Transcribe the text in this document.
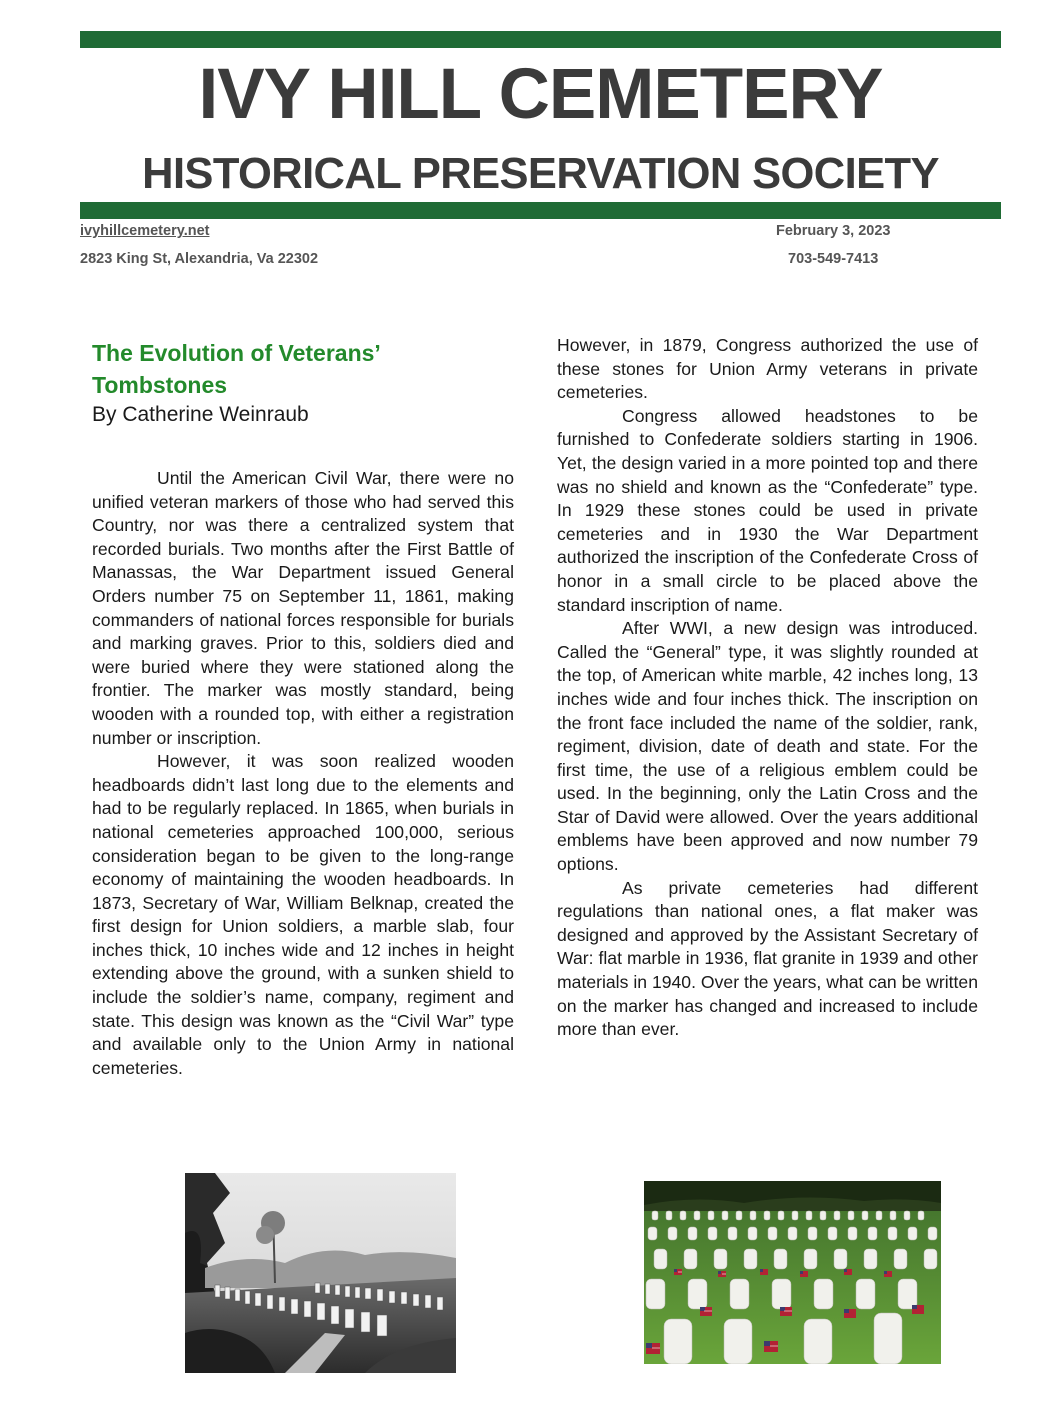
IVY HILL CEMETERY
HISTORICAL PRESERVATION SOCIETY
ivyhillcemetery.net
2823 King St, Alexandria, Va 22302
February 3, 2023
703-549-7413
The Evolution of Veterans’ Tombstones
By Catherine Weinraub

Until the American Civil War, there were no unified veteran markers of those who had served this Country, nor was there a centralized system that recorded burials. Two months after the First Battle of Manassas, the War Department issued General Orders number 75 on September 11, 1861, making commanders of national forces responsible for burials and marking graves. Prior to this, soldiers died and were buried where they were stationed along the frontier. The marker was mostly standard, being wooden with a rounded top, with either a registration number or inscription.

However, it was soon realized wooden headboards didn’t last long due to the elements and had to be regularly replaced. In 1865, when burials in national cemeteries approached 100,000, serious consideration began to be given to the long-range economy of maintaining the wooden headboards. In 1873, Secretary of War, William Belknap, created the first design for Union soldiers, a marble slab, four inches thick, 10 inches wide and 12 inches in height extending above the ground, with a sunken shield to include the soldier’s name, company, regiment and state. This design was known as the “Civil War” type and available only to the Union Army in national cemeteries.

However, in 1879, Congress authorized the use of these stones for Union Army veterans in private cemeteries.

Congress allowed headstones to be furnished to Confederate soldiers starting in 1906. Yet, the design varied in a more pointed top and there was no shield and known as the “Confederate” type. In 1929 these stones could be used in private cemeteries and in 1930 the War Department authorized the inscription of the Confederate Cross of honor in a small circle to be placed above the standard inscription of name.

After WWI, a new design was introduced. Called the “General” type, it was slightly rounded at the top, of American white marble, 42 inches long, 13 inches wide and four inches thick. The inscription on the front face included the name of the soldier, rank, regiment, division, date of death and state. For the first time, the use of a religious emblem could be used. In the beginning, only the Latin Cross and the Star of David were allowed. Over the years additional emblems have been approved and now number 79 options.

As private cemeteries had different regulations than national ones, a flat maker was designed and approved by the Assistant Secretary of War: flat marble in 1936, flat granite in 1939 and other materials in 1940. Over the years, what can be written on the marker has changed and increased to include more than ever.
